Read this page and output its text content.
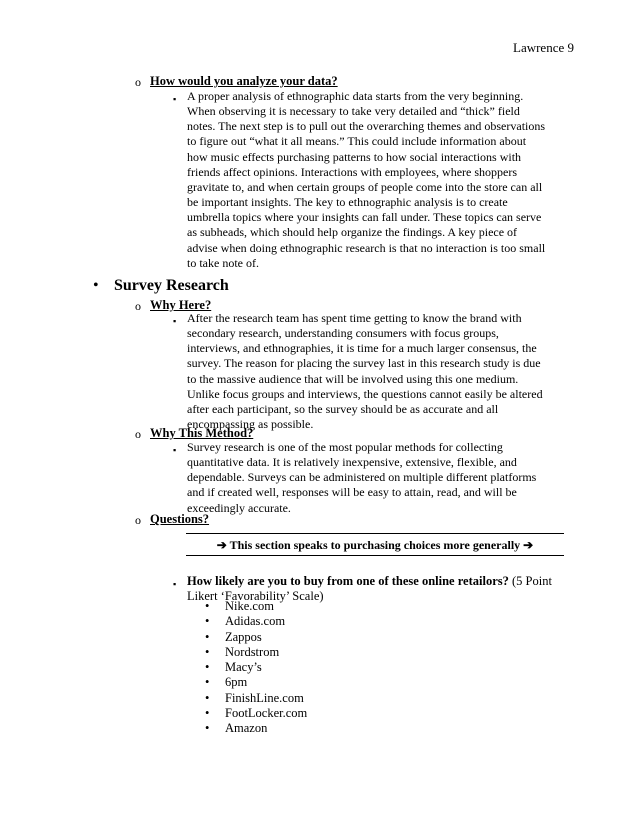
Lawrence 9
o How would you analyze your data?
▪ A proper analysis of ethnographic data starts from the very beginning.
When observing it is necessary to take very detailed and “thick” field
notes. The next step is to pull out the overarching themes and observations
to figure out “what it all means.” This could include information about
how music effects purchasing patterns to how social interactions with
friends affect opinions. Interactions with employees, where shoppers
gravitate to, and when certain groups of people come into the store can all
be important insights. The key to ethnographic analysis is to create
umbrella topics where your insights can fall under. These topics can serve
as subheads, which should help organize the findings. A key piece of
advise when doing ethnographic research is that no interaction is too small
to take note of.
• Survey Research
o Why Here?
▪ After the research team has spent time getting to know the brand with
secondary research, understanding consumers with focus groups,
interviews, and ethnographies, it is time for a much larger consensus, the
survey. The reason for placing the survey last in this research study is due
to the massive audience that will be involved using this one medium.
Unlike focus groups and interviews, the questions cannot easily be altered
after each participant, so the survey should be as accurate and all
encompassing as possible.
o Why This Method?
▪ Survey research is one of the most popular methods for collecting
quantitative data. It is relatively inexpensive, extensive, flexible, and
dependable. Surveys can be administered on multiple different platforms
and if created well, responses will be easy to attain, read, and will be
exceedingly accurate.
o Questions?
➔ This section speaks to purchasing choices more generally ➔
▪ How likely are you to buy from one of these online retailors? (5 Point
Likert ‘Favorability’ Scale)
• Nike.com
• Adidas.com
• Zappos
• Nordstrom
• Macy’s
• 6pm
• FinishLine.com
• FootLocker.com
• Amazon
